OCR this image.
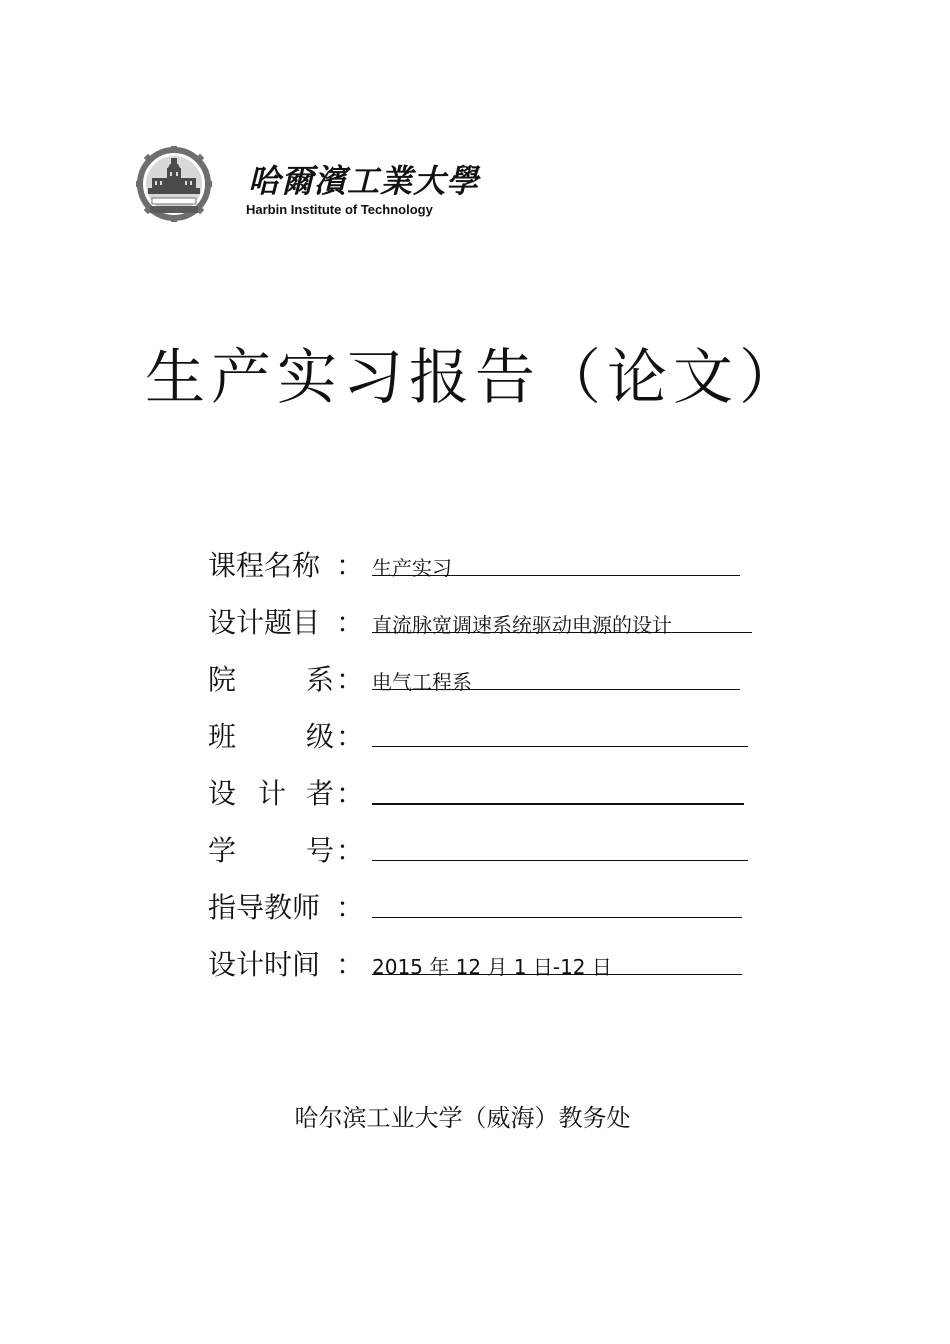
哈爾濱工業大學
Harbin Institute of Technology
生产实习报告（论文）
课程名称 ： 生产实习
设计题目 ： 直流脉宽调速系统驱动电源的设计
院 系 ： 电气工程系
班 级 ：
设 计 者 ：
学 号 ：
指导教师 ：
设计时间 ： 2015 年 12 月 1 日-12 日
哈尔滨工业大学（威海）教务处
